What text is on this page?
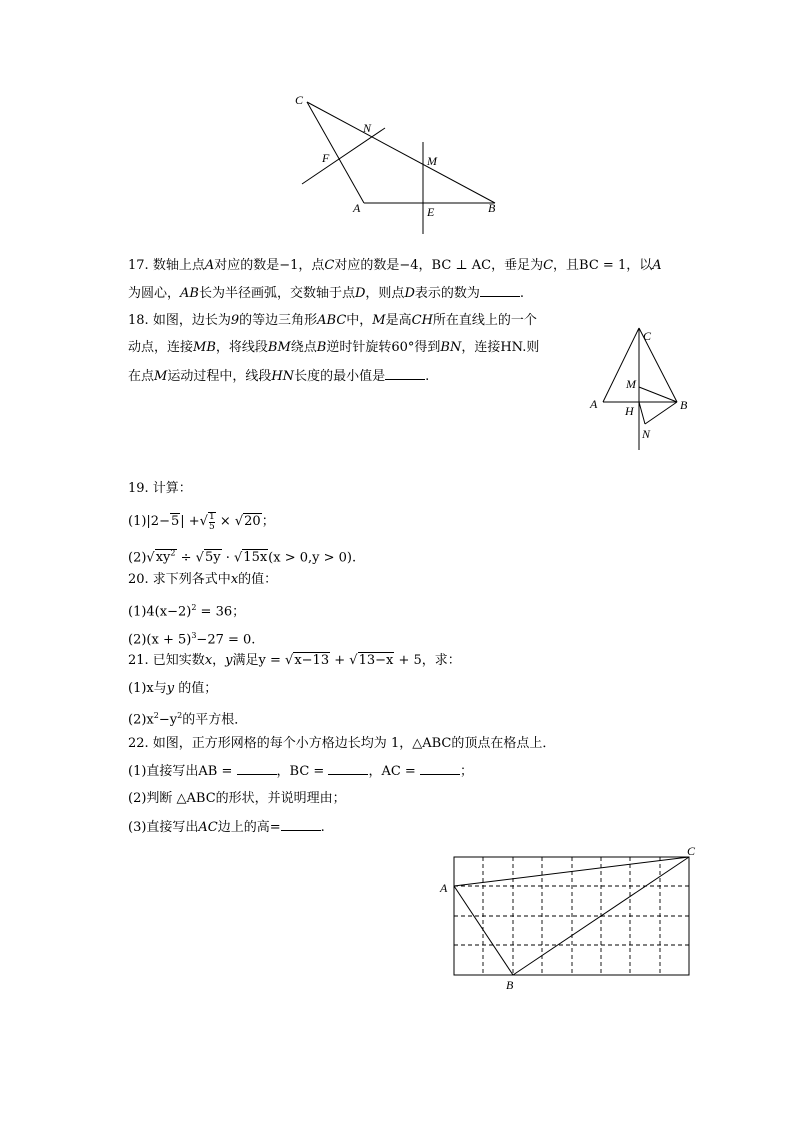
C
N
F	M
A	E	B
17. 数轴上点A对应的数是−1，点C对应的数是−4，BC ⊥ AC，垂足为C，且BC = 1，以A
为圆心，AB长为半径画弧，交数轴于点D，则点D表示的数为	.
18. 如图，边长为9的等边三角形ABC中，M是高CH所在直线上的一个
动点，连接MB，将线段BM绕点B逆时针旋转60°得到BN，连接HN.则
在点M运动过程中，线段HN长度的最小值是	.
C
M
A H	B
N
19. 计算：
(1)|2−5| +√ $\frac{1}{5} \times √20$；
$(2)√xy^2 \div √5y \cdot √15x(x > 0,y > 0)$.
20. 求下列各式中x的值：
$(1)4(x-2)^2 = 36$；
$(2)(x + 5)^3-27 = 0$.
21. 已知实数x，y满足y = √x−13 + √13−x + 5，求：
(1)x与y 的值；
$(2)x^2-y^2$的平方根．
22. 如图，正方形网格的每个小方格边长均为 1，△ABC的顶点在格点上．
(1)直接写出AB =	，BC =	，AC =	；
(2)判断 △ABC的形状，并说明理由；
(3)直接写出AC边上的高=	.
A
B
C
